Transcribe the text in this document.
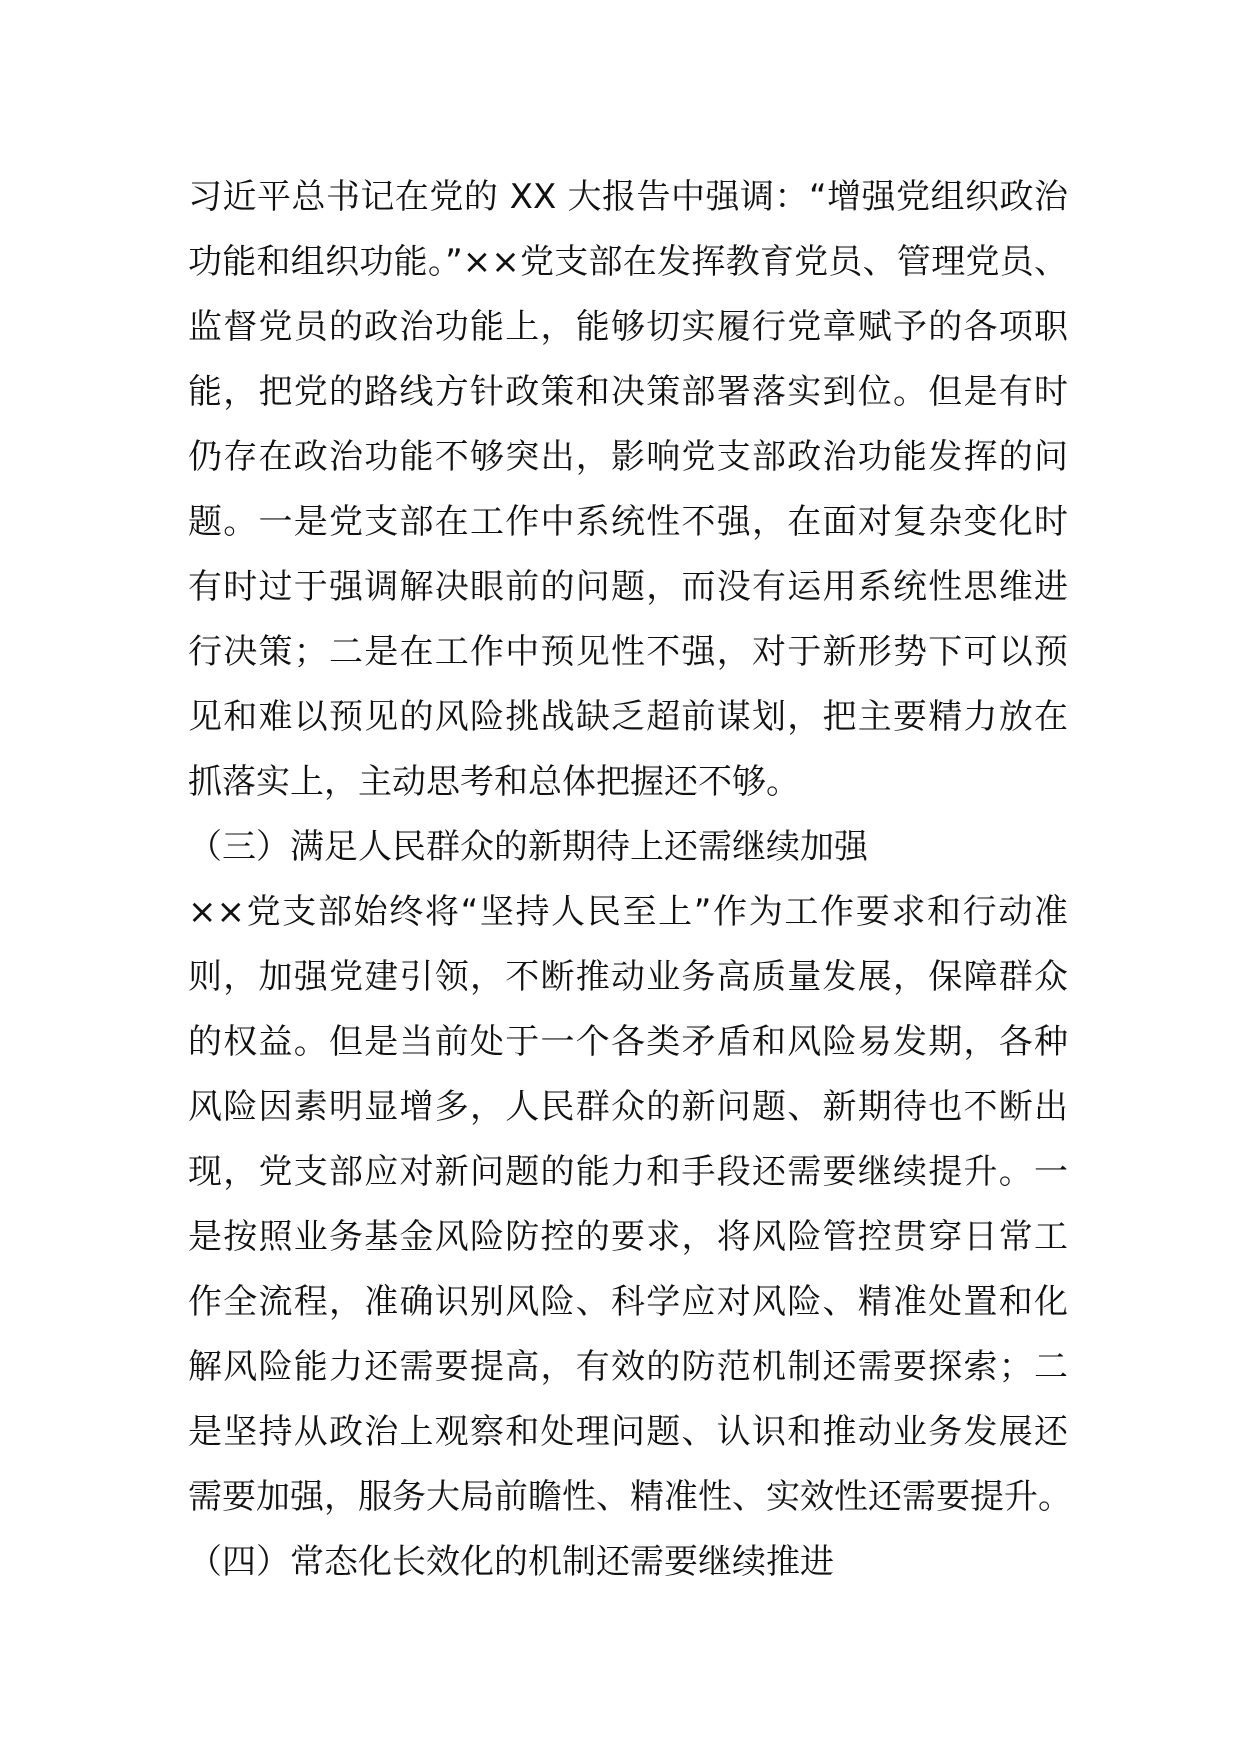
习近平总书记在党的 XX 大报告中强调：“增强党组织政治
功能和组织功能。”××党支部在发挥教育党员、管理党员、
监督党员的政治功能上，能够切实履行党章赋予的各项职
能，把党的路线方针政策和决策部署落实到位。但是有时
仍存在政治功能不够突出，影响党支部政治功能发挥的问
题。一是党支部在工作中系统性不强，在面对复杂变化时
有时过于强调解决眼前的问题，而没有运用系统性思维进
行决策；二是在工作中预见性不强，对于新形势下可以预
见和难以预见的风险挑战缺乏超前谋划，把主要精力放在
抓落实上，主动思考和总体把握还不够。
（三）满足人民群众的新期待上还需继续加强
××党支部始终将“坚持人民至上”作为工作要求和行动准
则，加强党建引领，不断推动业务高质量发展，保障群众
的权益。但是当前处于一个各类矛盾和风险易发期，各种
风险因素明显增多，人民群众的新问题、新期待也不断出
现，党支部应对新问题的能力和手段还需要继续提升。一
是按照业务基金风险防控的要求，将风险管控贯穿日常工
作全流程，准确识别风险、科学应对风险、精准处置和化
解风险能力还需要提高，有效的防范机制还需要探索；二
是坚持从政治上观察和处理问题、认识和推动业务发展还
需要加强，服务大局前瞻性、精准性、实效性还需要提升。
（四）常态化长效化的机制还需要继续推进
